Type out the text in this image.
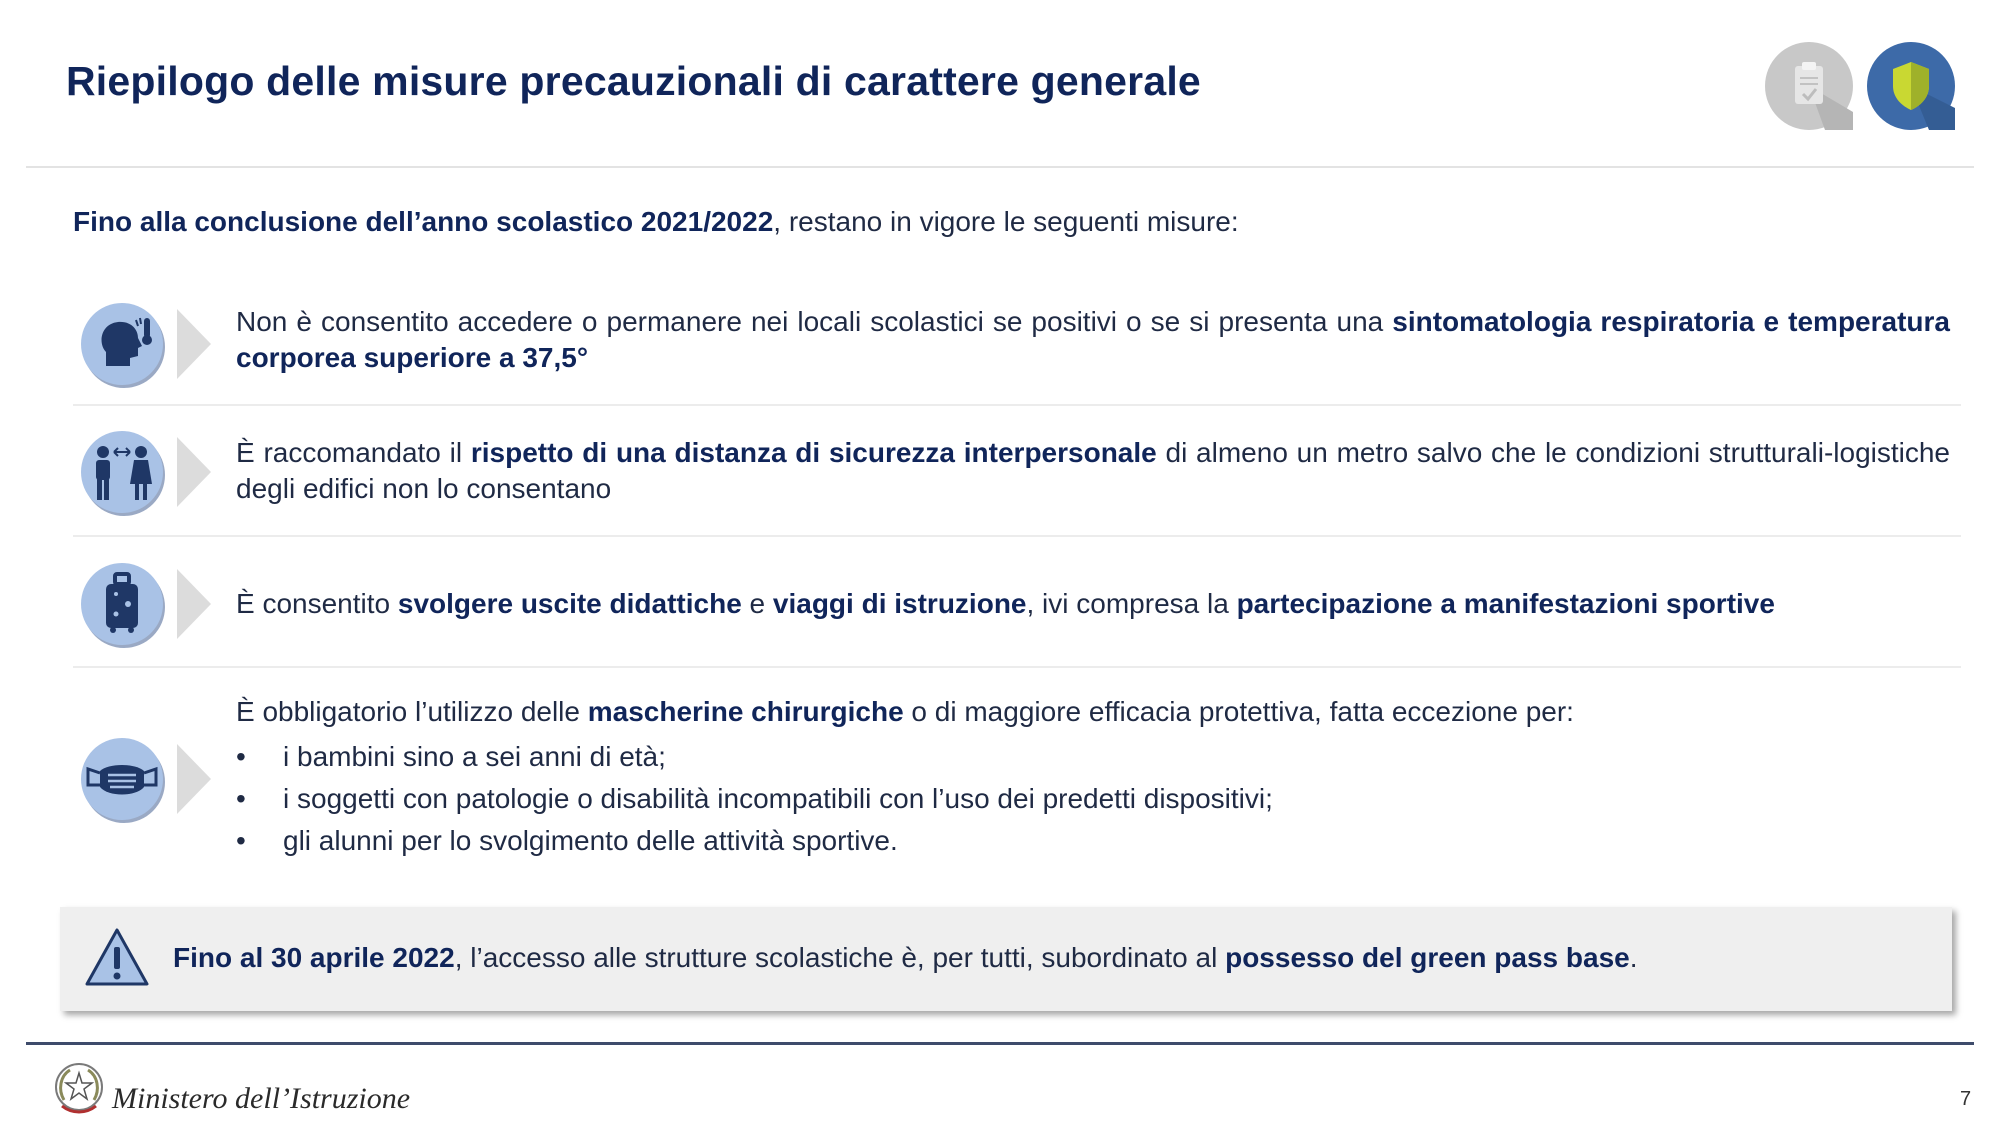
Riepilogo delle misure precauzionali di carattere generale
Fino alla conclusione dell’anno scolastico 2021/2022, restano in vigore le seguenti misure:
Non è consentito accedere o permanere nei locali scolastici se positivi o se si presenta una sintomatologia respiratoria e temperatura corporea superiore a 37,5°
È raccomandato il rispetto di una distanza di sicurezza interpersonale di almeno un metro salvo che le condizioni strutturali-logistiche degli edifici non lo consentano
È consentito svolgere uscite didattiche e viaggi di istruzione, ivi compresa la partecipazione a manifestazioni sportive
È obbligatorio l’utilizzo delle mascherine chirurgiche o di maggiore efficacia protettiva, fatta eccezione per:
• i bambini sino a sei anni di età;
• i soggetti con patologie o disabilità incompatibili con l’uso dei predetti dispositivi;
• gli alunni per lo svolgimento delle attività sportive.
Fino al 30 aprile 2022, l’accesso alle strutture scolastiche è, per tutti, subordinato al possesso del green pass base.
Ministero dell’Istruzione	7
